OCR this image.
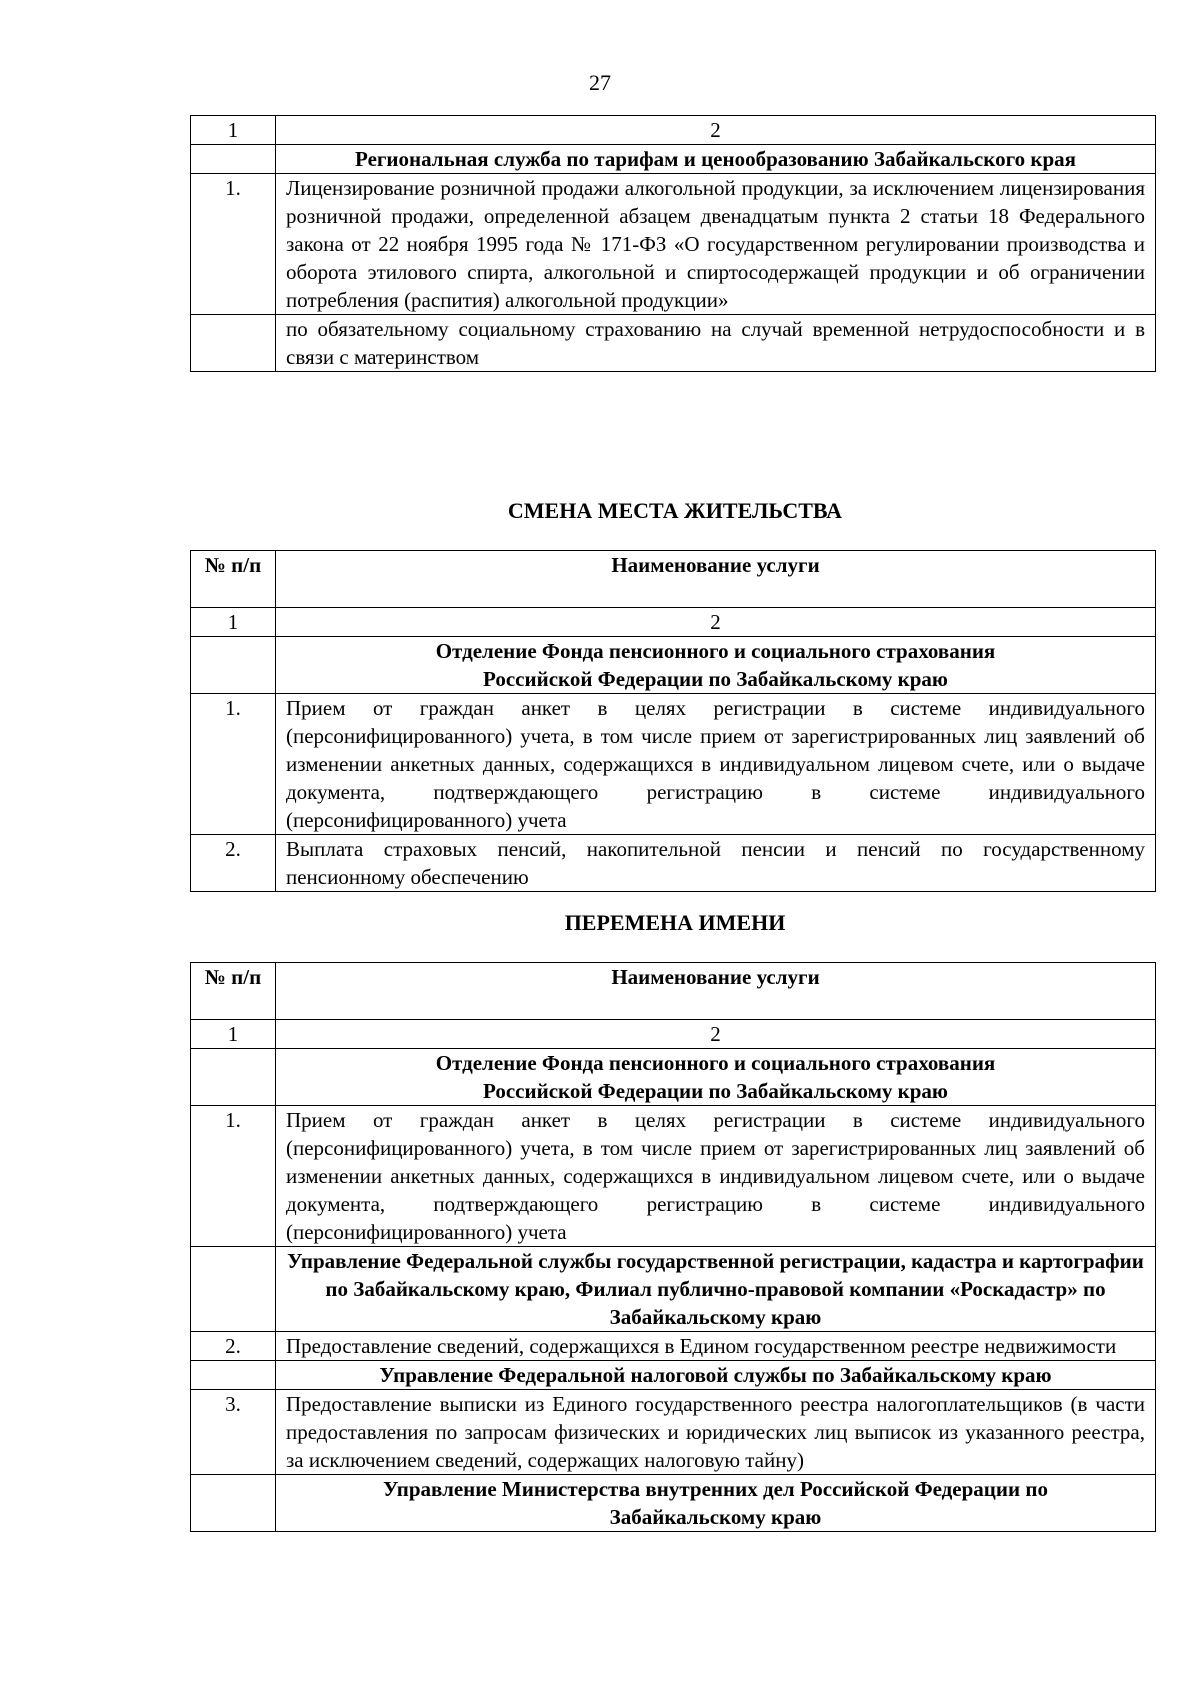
27
1	2
	Региональная служба по тарифам и ценообразованию Забайкальского края
1.	Лицензирование розничной продажи алкогольной продукции, за исключением лицензирования розничной продажи, определенной абзацем двенадцатым пункта 2 статьи 18 Федерального закона от 22 ноября 1995 года № 171-ФЗ «О государственном регулировании производства и оборота этилового спирта, алкогольной и спиртосодержащей продукции и об ограничении потребления (распития) алкогольной продукции»
	по обязательному социальному страхованию на случай временной нетрудоспособности и в связи с материнством
СМЕНА МЕСТА ЖИТЕЛЬСТВА
№ п/п	Наименование услуги
1	2
	Отделение Фонда пенсионного и социального страхования Российской Федерации по Забайкальскому краю
1.	Прием от граждан анкет в целях регистрации в системе индивидуального (персонифицированного) учета, в том числе прием от зарегистрированных лиц заявлений об изменении анкетных данных, содержащихся в индивидуальном лицевом счете, или о выдаче документа, подтверждающего регистрацию в системе индивидуального (персонифицированного) учета
2.	Выплата страховых пенсий, накопительной пенсии и пенсий по государственному пенсионному обеспечению
ПЕРЕМЕНА ИМЕНИ
№ п/п	Наименование услуги
1	2
	Отделение Фонда пенсионного и социального страхования Российской Федерации по Забайкальскому краю
1.	Прием от граждан анкет в целях регистрации в системе индивидуального (персонифицированного) учета, в том числе прием от зарегистрированных лиц заявлений об изменении анкетных данных, содержащихся в индивидуальном лицевом счете, или о выдаче документа, подтверждающего регистрацию в системе индивидуального (персонифицированного) учета
	Управление Федеральной службы государственной регистрации, кадастра и картографии по Забайкальскому краю, Филиал публично-правовой компании «Роскадастр» по Забайкальскому краю
2.	Предоставление сведений, содержащихся в Едином государственном реестре недвижимости
	Управление Федеральной налоговой службы по Забайкальскому краю
3.	Предоставление выписки из Единого государственного реестра налогоплательщиков (в части предоставления по запросам физических и юридических лиц выписок из указанного реестра, за исключением сведений, содержащих налоговую тайну)
	Управление Министерства внутренних дел Российской Федерации по Забайкальскому краю
